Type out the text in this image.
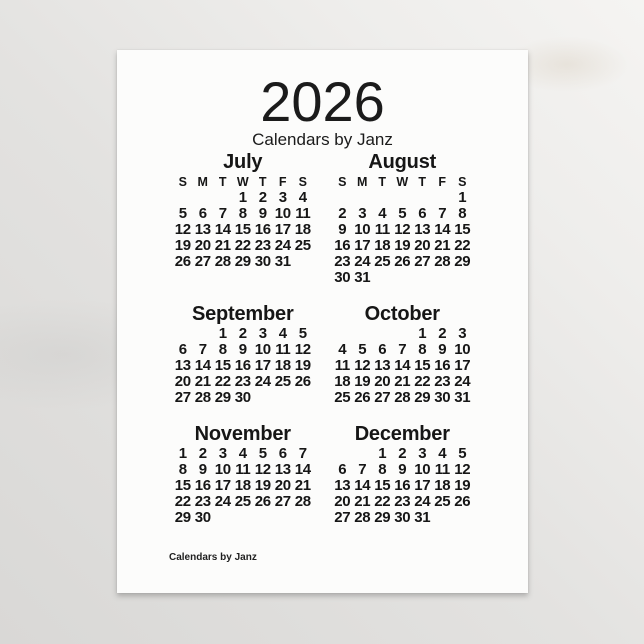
2026
Calendars by Janz
July
S M T W T F S
1 2 3 4
5 6 7 8 9 10 11
12 13 14 15 16 17 18
19 20 21 22 23 24 25
26 27 28 29 30 31
August
S M T W T F S
1
2 3 4 5 6 7 8
9 10 11 12 13 14 15
16 17 18 19 20 21 22
23 24 25 26 27 28 29
30 31
September
1 2 3 4 5
6 7 8 9 10 11 12
13 14 15 16 17 18 19
20 21 22 23 24 25 26
27 28 29 30
October
1 2 3
4 5 6 7 8 9 10
11 12 13 14 15 16 17
18 19 20 21 22 23 24
25 26 27 28 29 30 31
November
1 2 3 4 5 6 7
8 9 10 11 12 13 14
15 16 17 18 19 20 21
22 23 24 25 26 27 28
29 30
December
1 2 3 4 5
6 7 8 9 10 11 12
13 14 15 16 17 18 19
20 21 22 23 24 25 26
27 28 29 30 31
Calendars by Janz
